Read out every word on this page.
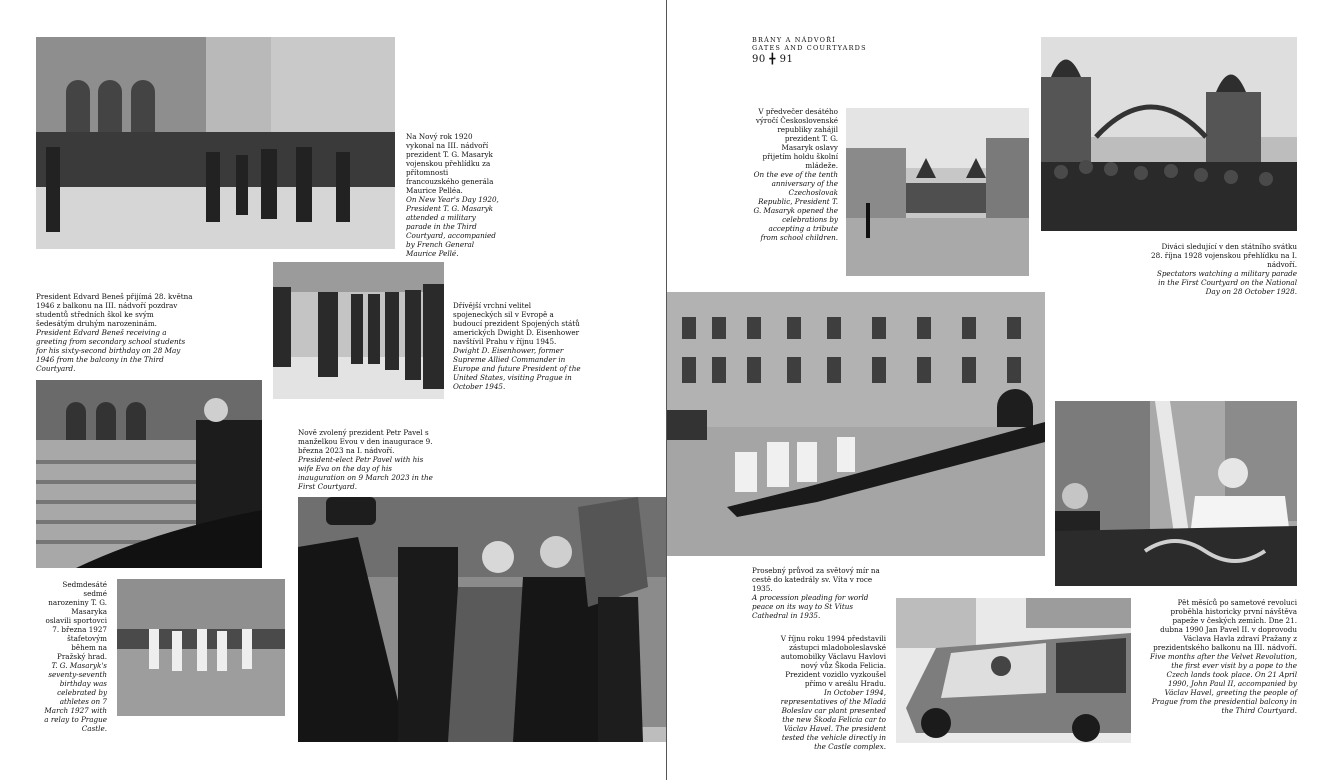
BRÁNY A NÁDVOŘÍ
GATES AND COURTYARDS
90 ╋ 91

Na Nový rok 1920 vykonal na III. nádvoří prezident T. G. Masaryk vojenskou přehlídku za přítomnosti francouzského generála Maurice Pelléa.

On New Year's Day 1920, President T. G. Masaryk attended a military parade in the Third Courtyard, accompanied by French General Maurice Pellé.

President Edvard Beneš přijímá 28. května 1946 z balkonu na III. nádvoří pozdrav studentů středních škol ke svým šedesátým druhým narozeninám.

President Edvard Beneš receiving a greeting from secondary school students for his sixty-second birthday on 28 May 1946 from the balcony in the Third Courtyard.

Dřívější vrchní velitel spojeneckých sil v Evropě a budoucí prezident Spojených států amerických Dwight D. Eisenhower navštívil Prahu v říjnu 1945.

Dwight D. Eisenhower, former Supreme Allied Commander in Europe and future President of the United States, visiting Prague in October 1945.

Nově zvolený prezident Petr Pavel s manželkou Evou v den inaugurace 9. března 2023 na I. nádvoří.

President-elect Petr Pavel with his wife Eva on the day of his inauguration on 9 March 2023 in the First Courtyard.

Sedmdesáté sedmé narozeniny T. G. Masaryka oslavili sportovci 7. března 1927 štafetovým během na Pražský hrad.

T. G. Masaryk's seventy-seventh birthday was celebrated by athletes on 7 March 1927 with a relay to Prague Castle.

V předvečer desátého výročí Československé republiky zahájil prezident T. G. Masaryk oslavy přijetím holdu školní mládeže.

On the eve of the tenth anniversary of the Czechoslovak Republic, President T. G. Masaryk opened the celebrations by accepting a tribute from school children.

Diváci sledující v den státního svátku 28. října 1928 vojenskou přehlídku na I. nádvoří.

Spectators watching a military parade in the First Courtyard on the National Day on 28 October 1928.

Prosebný průvod za světový mír na cestě do katedrály sv. Víta v roce 1935.

A procession pleading for world peace on its way to St Vitus Cathedral in 1935.

V říjnu roku 1994 představili zástupci mladoboleslavské automobilky Václavu Havlovi nový vůz Škoda Felicia. Prezident vozidlo vyzkoušel přímo v areálu Hradu.

In October 1994, representatives of the Mladá Boleslav car plant presented the new Škoda Felicia car to Václav Havel. The president tested the vehicle directly in the Castle complex.

Pět měsíců po sametové revoluci proběhla historicky první návštěva papeže v českých zemích. Dne 21. dubna 1990 Jan Pavel II. v doprovodu Václava Havla zdraví Pražany z prezidentského balkonu na III. nádvoří.

Five months after the Velvet Revolution, the first ever visit by a pope to the Czech lands took place. On 21 April 1990, John Paul II, accompanied by Václav Havel, greeting the people of Prague from the presidential balcony in the Third Courtyard.
